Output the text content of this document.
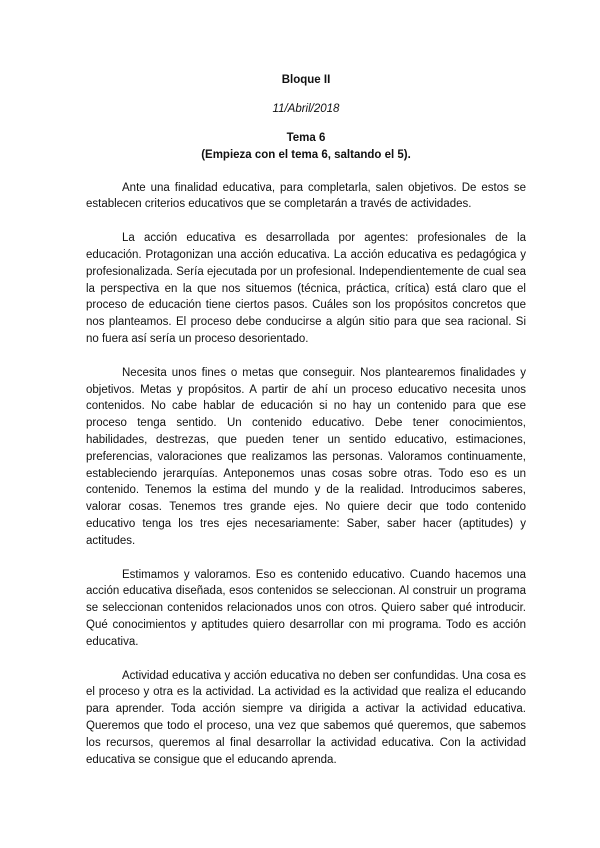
Bloque II

11/Abril/2018

Tema 6

(Empieza con el tema 6, saltando el 5).

Ante una finalidad educativa, para completarla, salen objetivos. De estos se establecen criterios educativos que se completarán a través de actividades.

La acción educativa es desarrollada por agentes: profesionales de la educación. Protagonizan una acción educativa. La acción educativa es pedagógica y profesionalizada. Sería ejecutada por un profesional. Independientemente de cual sea la perspectiva en la que nos situemos (técnica, práctica, crítica) está claro que el proceso de educación tiene ciertos pasos. Cuáles son los propósitos concretos que nos planteamos. El proceso debe conducirse a algún sitio para que sea racional. Si no fuera así sería un proceso desorientado.

Necesita unos fines o metas que conseguir. Nos plantearemos finalidades y objetivos. Metas y propósitos. A partir de ahí un proceso educativo necesita unos contenidos. No cabe hablar de educación si no hay un contenido para que ese proceso tenga sentido. Un contenido educativo. Debe tener conocimientos, habilidades, destrezas, que pueden tener un sentido educativo, estimaciones, preferencias, valoraciones que realizamos las personas. Valoramos continuamente, estableciendo jerarquías. Anteponemos unas cosas sobre otras. Todo eso es un contenido. Tenemos la estima del mundo y de la realidad. Introducimos saberes, valorar cosas. Tenemos tres grande ejes. No quiere decir que todo contenido educativo tenga los tres ejes necesariamente: Saber, saber hacer (aptitudes) y actitudes.

Estimamos y valoramos. Eso es contenido educativo. Cuando hacemos una acción educativa diseñada, esos contenidos se seleccionan. Al construir un programa se seleccionan contenidos relacionados unos con otros. Quiero saber qué introducir. Qué conocimientos y aptitudes quiero desarrollar con mi programa. Todo es acción educativa.

Actividad educativa y acción educativa no deben ser confundidas. Una cosa es el proceso y otra es la actividad. La actividad es la actividad que realiza el educando para aprender. Toda acción siempre va dirigida a activar la actividad educativa. Queremos que todo el proceso, una vez que sabemos qué queremos, que sabemos los recursos, queremos al final desarrollar la actividad educativa. Con la actividad educativa se consigue que el educando aprenda.
